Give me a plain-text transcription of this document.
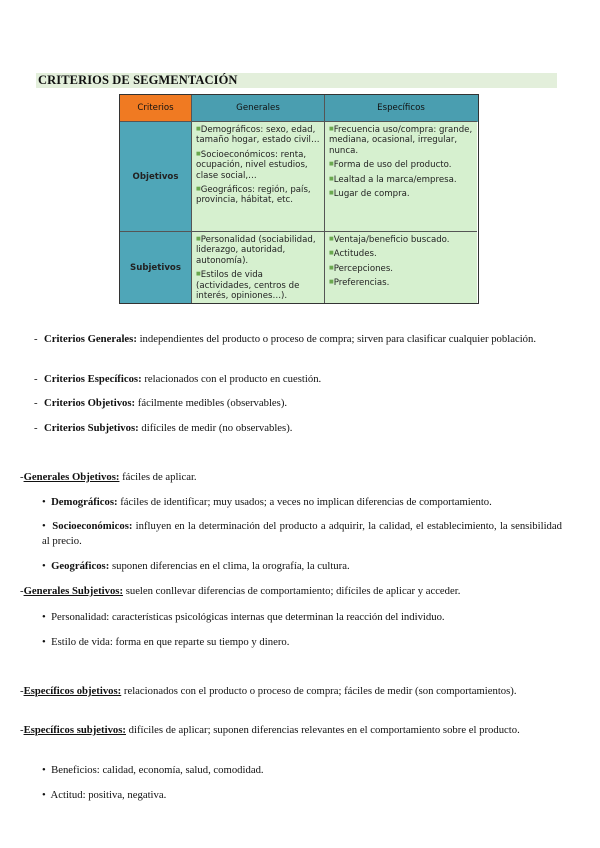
CRITERIOS DE SEGMENTACIÓN
Criterios	Generales	Específicos
Objetivos
■Demográficos: sexo, edad, tamaño hogar, estado civil…
■Socioeconómicos: renta, ocupación, nivel estudios, clase social,…
■Geográficos: región, país, provincia, hábitat, etc.
■Frecuencia uso/compra: grande, mediana, ocasional, irregular, nunca.
■Forma de uso del producto.
■Lealtad a la marca/empresa.
■Lugar de compra.
Subjetivos
■Personalidad (sociabilidad, liderazgo, autoridad, autonomía).
■Estilos de vida (actividades, centros de interés, opiniones…).
■Ventaja/beneficio buscado.
■Actitudes.
■Percepciones.
■Preferencias.
- Criterios Generales: independientes del producto o proceso de compra; sirven para clasificar cualquier población.
- Criterios Específicos: relacionados con el producto en cuestión.
- Criterios Objetivos: fácilmente medibles (observables).
- Criterios Subjetivos: difíciles de medir (no observables).
-Generales Objetivos: fáciles de aplicar.
• Demográficos: fáciles de identificar; muy usados; a veces no implican diferencias de comportamiento.
• Socioeconómicos: influyen en la determinación del producto a adquirir, la calidad, el establecimiento, la sensibilidad al precio.
• Geográficos: suponen diferencias en el clima, la orografía, la cultura.
-Generales Subjetivos: suelen conllevar diferencias de comportamiento; difíciles de aplicar y acceder.
• Personalidad: características psicológicas internas que determinan la reacción del individuo.
• Estilo de vida: forma en que reparte su tiempo y dinero.
-Específicos objetivos: relacionados con el producto o proceso de compra; fáciles de medir (son comportamientos).
-Específicos subjetivos: difíciles de aplicar; suponen diferencias relevantes en el comportamiento sobre el producto.
• Beneficios: calidad, economía, salud, comodidad.
• Actitud: positiva, negativa.
